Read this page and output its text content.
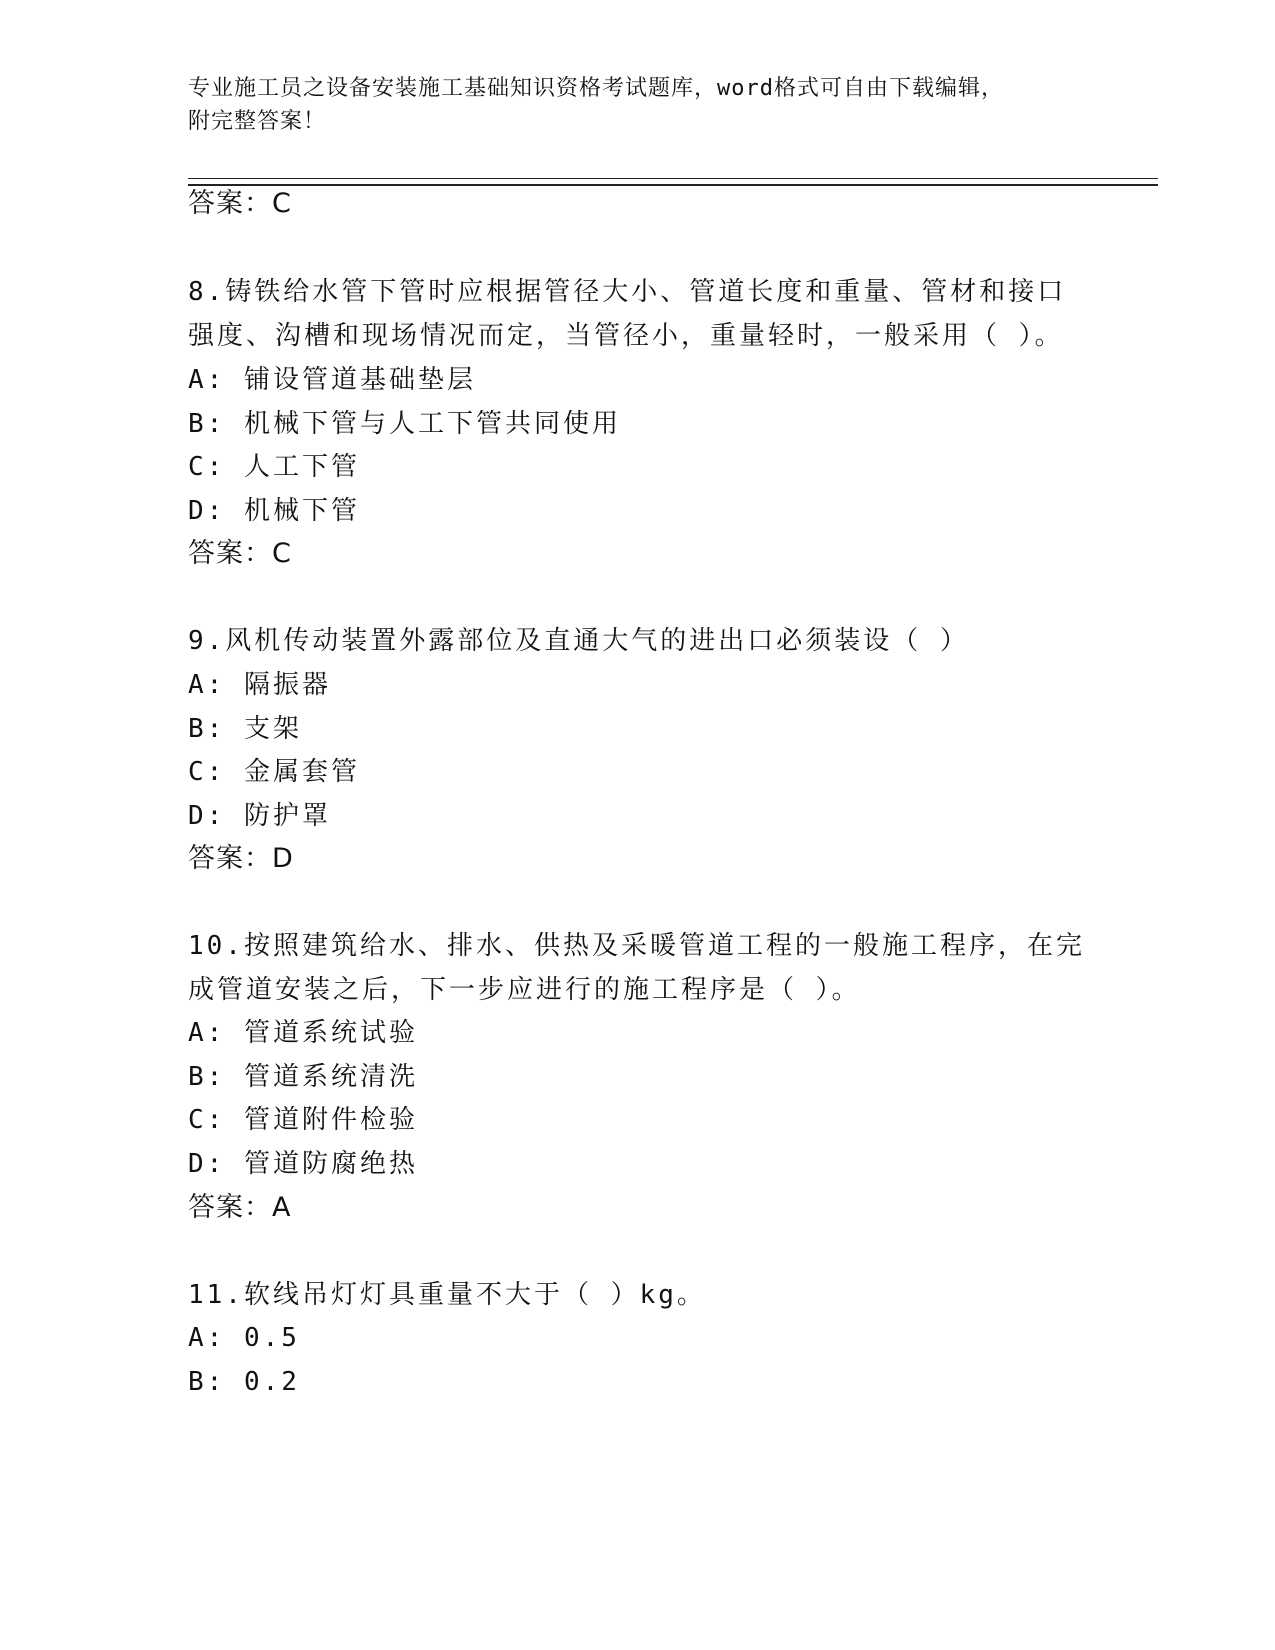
专业施工员之设备安装施工基础知识资格考试题库，word格式可自由下载编辑，
附完整答案！
答案：C
8.铸铁给水管下管时应根据管径大小、管道长度和重量、管材和接口
强度、沟槽和现场情况而定，当管径小，重量轻时，一般采用（ ）。
A: 铺设管道基础垫层
B: 机械下管与人工下管共同使用
C: 人工下管
D: 机械下管
答案：C
9.风机传动装置外露部位及直通大气的进出口必须装设（ ）
A: 隔振器
B: 支架
C: 金属套管
D: 防护罩
答案：D
10.按照建筑给水、排水、供热及采暖管道工程的一般施工程序，在完
成管道安装之后，下一步应进行的施工程序是（ ）。
A: 管道系统试验
B: 管道系统清洗
C: 管道附件检验
D: 管道防腐绝热
答案：A
11.软线吊灯灯具重量不大于（ ）kg。
A: 0.5
B: 0.2
